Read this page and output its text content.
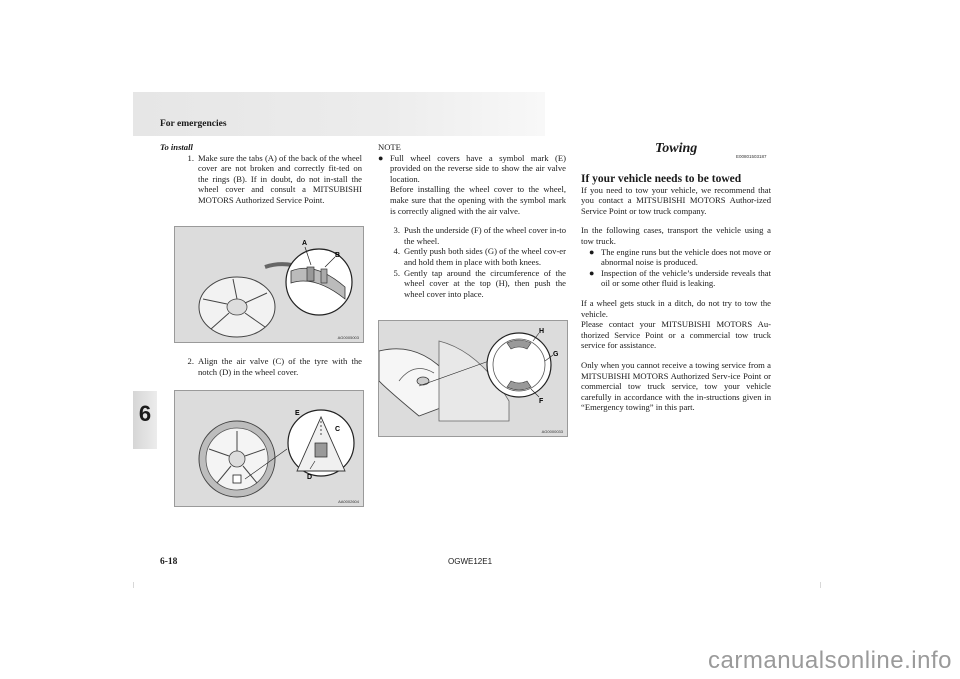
For emergencies
6

To install

1. Make sure the tabs (A) of the back of the wheel cover are not broken and correctly fit-ted on the rings (B). If in doubt, do not in-stall the wheel cover and consult a MITSUBISHI MOTORS Authorized Service Point.
A
B
AG0005003
2. Align the air valve (C) of the tyre with the notch (D) in the wheel cover.
E
C
D
AA0002604

NOTE

● Full wheel covers have a symbol mark (E) provided on the reverse side to show the air valve location.
Before installing the wheel cover to the wheel, make sure that the opening with the symbol mark is correctly aligned with the air valve.
3. Push the underside (F) of the wheel cover in-to the wheel.
4. Gently push both sides (G) of the wheel cov-er and hold them in place with both knees.
5. Gently tap around the circumference of the wheel cover at the top (H), then push the wheel cover into place.
H
G
F
AG0000033
Towing
E00801503187

If your vehicle needs to be towed

If you need to tow your vehicle, we recommend that you contact a MITSUBISHI MOTORS Author-ized Service Point or tow truck company.

In the following cases, transport the vehicle using a tow truck.

● The engine runs but the vehicle does not move or abnormal noise is produced.
● Inspection of the vehicle’s underside reveals that oil or some other fluid is leaking.

If a wheel gets stuck in a ditch, do not try to tow the vehicle.

Please contact your MITSUBISHI MOTORS Au-thorized Service Point or a commercial tow truck service for assistance.

Only when you cannot receive a towing service from a MITSUBISHI MOTORS Authorized Serv-ice Point or commercial tow truck service, tow your vehicle carefully in accordance with the in-structions given in “Emergency towing” in this part.

6-18	OGWE12E1
carmanualsonline.info
